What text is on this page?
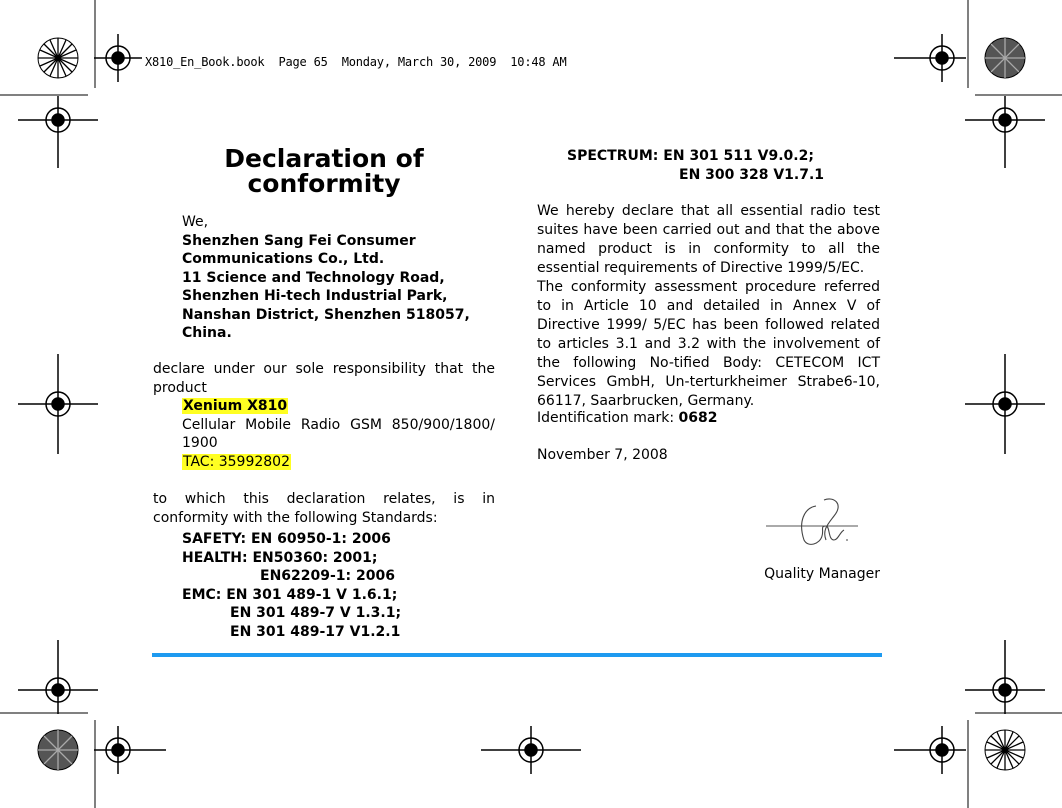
X810_En_Book.book  Page 65  Monday, March 30, 2009  10:48 AM
Declaration of
conformity
We,
Shenzhen Sang Fei Consumer
Communications Co., Ltd.
11 Science and Technology Road,
Shenzhen Hi-tech Industrial Park,
Nanshan District, Shenzhen 518057,
China.
declare under our sole responsibility that the product
Xenium X810
Cellular Mobile Radio GSM 850/900/1800/ 1900
TAC: 35992802
to which this declaration relates, is in conformity with the following Standards:
SAFETY: EN 60950-1: 2006
HEALTH: EN50360: 2001;
EN62209-1: 2006
EMC: EN 301 489-1 V 1.6.1;
EN 301 489-7 V 1.3.1;
EN 301 489-17 V1.2.1
SPECTRUM: EN 301 511 V9.0.2;
EN 300 328 V1.7.1
We hereby declare that all essential radio test suites have been carried out and that the above named product is in conformity to all the essential requirements of Directive 1999/5/EC.
The conformity assessment procedure referred to in Article 10 and detailed in Annex V of Directive 1999/ 5/EC has been followed related to articles 3.1 and 3.2 with the involvement of the following No-tified Body: CETECOM ICT Services GmbH, Un-terturkheimer Strabe6-10, 66117, Saarbrucken, Germany.
Identification mark: 0682
November 7, 2008
Quality Manager
